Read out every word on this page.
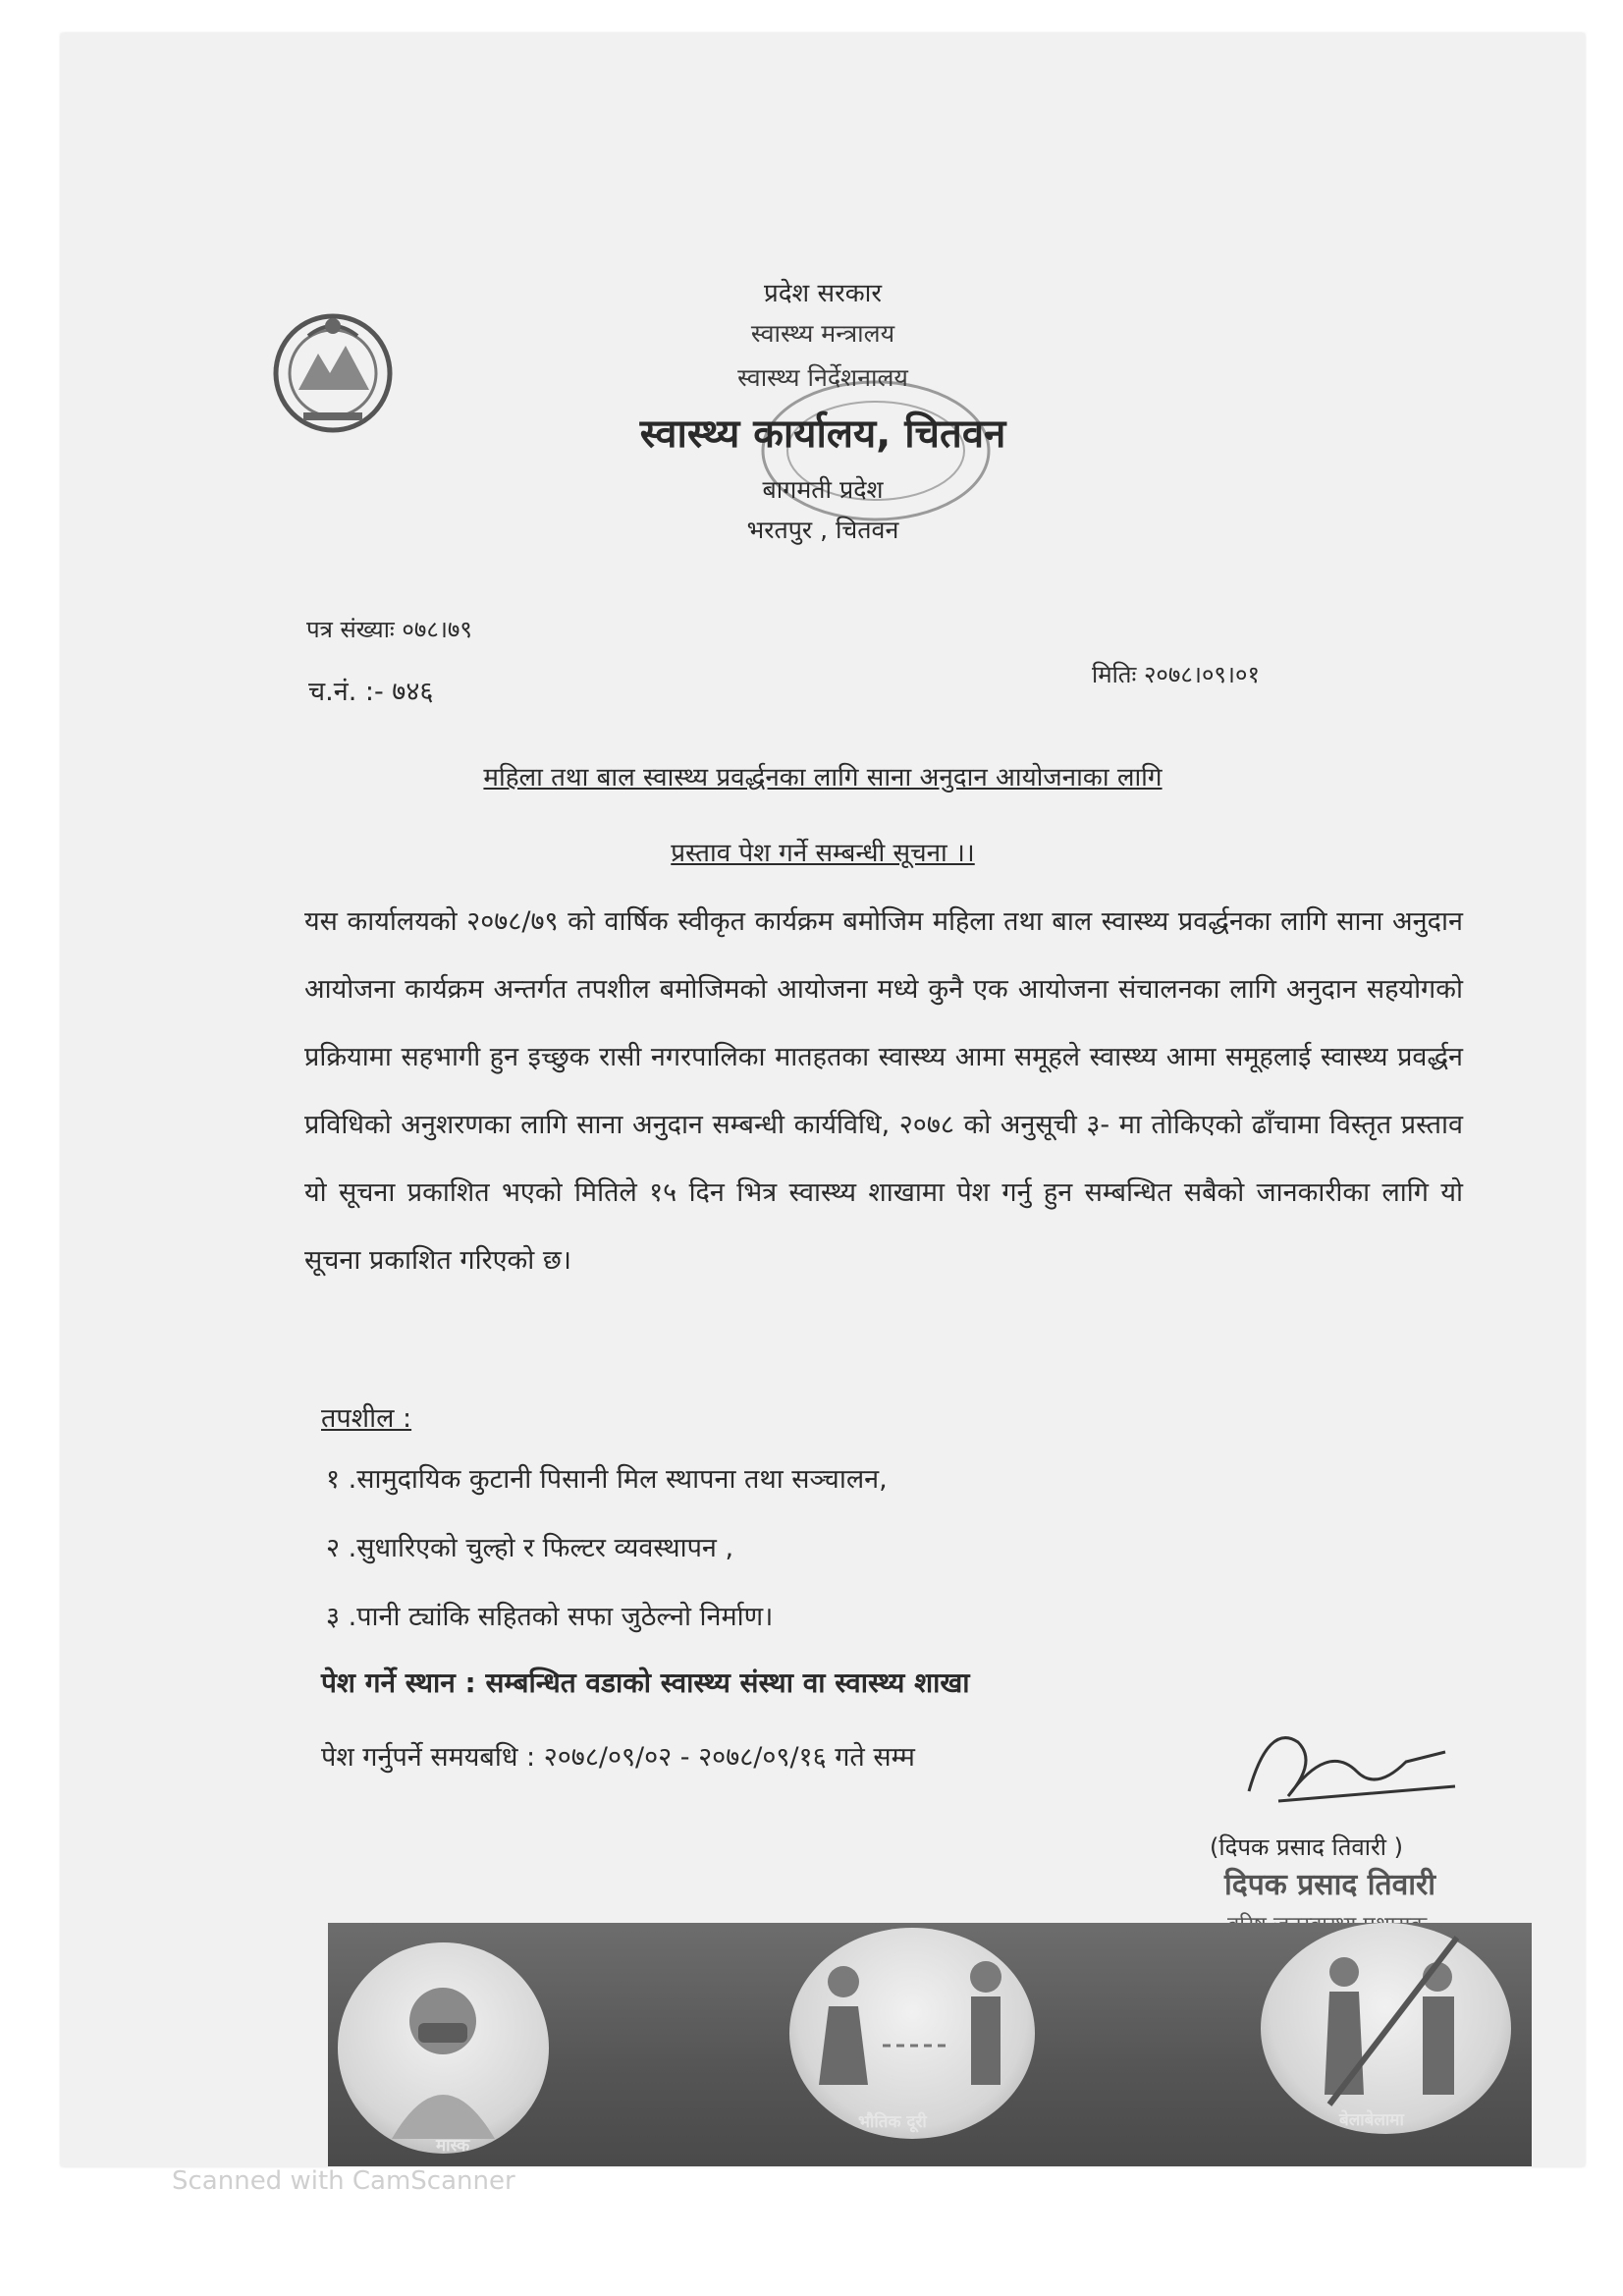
प्रदेश सरकार
स्वास्थ्य मन्त्रालय
स्वास्थ्य निर्देशनालय
स्वास्थ्य कार्यालय, चितवन
बागमती प्रदेश
भरतपुर , चितवन
पत्र संख्याः ०७८।७९
च.नं. :- ७४६
मितिः २०७८।०९।०१
महिला तथा बाल स्वास्थ्य प्रवर्द्धनका लागि साना अनुदान आयोजनाका लागि
प्रस्ताव पेश गर्ने सम्बन्धी सूचना ।।
यस कार्यालयको २०७८/७९ को वार्षिक स्वीकृत कार्यक्रम बमोजिम महिला तथा बाल स्वास्थ्य प्रवर्द्धनका लागि साना अनुदान आयोजना कार्यक्रम अन्तर्गत तपशील बमोजिमको आयोजना मध्ये कुनै एक आयोजना संचालनका लागि अनुदान सहयोगको प्रक्रियामा सहभागी हुन इच्छुक रासी नगरपालिका मातहतका स्वास्थ्य आमा समूहले स्वास्थ्य आमा समूहलाई स्वास्थ्य प्रवर्द्धन प्रविधिको अनुशरणका लागि साना अनुदान सम्बन्धी कार्यविधि, २०७८ को अनुसूची ३- मा तोकिएको ढाँचामा विस्तृत प्रस्ताव यो सूचना प्रकाशित भएको मितिले १५ दिन भित्र स्वास्थ्य शाखामा पेश गर्नु हुन सम्बन्धित सबैको जानकारीका लागि यो सूचना प्रकाशित गरिएको छ।
तपशील :
१ .सामुदायिक कुटानी पिसानी मिल स्थापना तथा सञ्चालन,
२ .सुधारिएको चुल्हो र फिल्टर व्यवस्थापन ,
३ .पानी ट्यांकि सहितको सफा जुठेल्नो निर्माण।
पेश गर्ने स्थान : सम्बन्धित वडाको स्वास्थ्य संस्था वा स्वास्थ्य शाखा
पेश गर्नुपर्ने समयबधि : २०७८/०९/०२ - २०७८/०९/१६ गते सम्म
(दिपक प्रसाद तिवारी )
दिपक प्रसाद तिवारी
मास्क
भौतिक दूरी	बेलाबेलामा
Scanned with CamScanner
